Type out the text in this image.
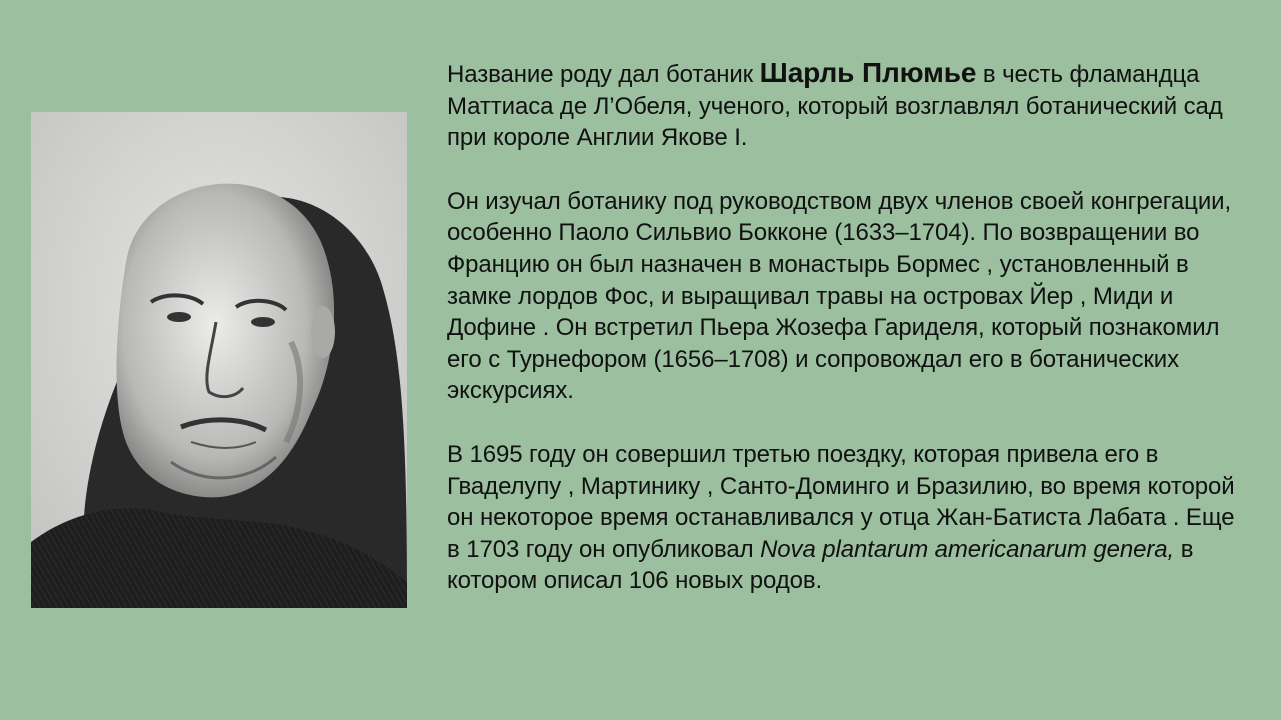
Название роду дал ботаник Шарль Плюмье в честь фламандца Маттиаса де Л’Обеля, ученого, который возглавлял ботанический сад при короле Англии Якове I.

Он изучал ботанику под руководством двух членов своей конгрегации, особенно Паоло Сильвио Бокконе (1633–1704). По возвращении во Францию он был назначен в монастырь Бормес , установленный в замке лордов Фос, и выращивал травы на островах Йер , Миди и Дофине . Он встретил Пьера Жозефа Гариделя, который познакомил его с Турнефором (1656–1708) и сопровождал его в ботанических экскурсиях.

В 1695 году он совершил третью поездку, которая привела его в Гваделупу , Мартинику , Санто-Доминго и Бразилию, во время которой он некоторое время останавливался у отца Жан-Батиста Лабата . Еще в 1703 году он опубликовал Nova plantarum americanarum genera, в котором описал 106 новых родов.
